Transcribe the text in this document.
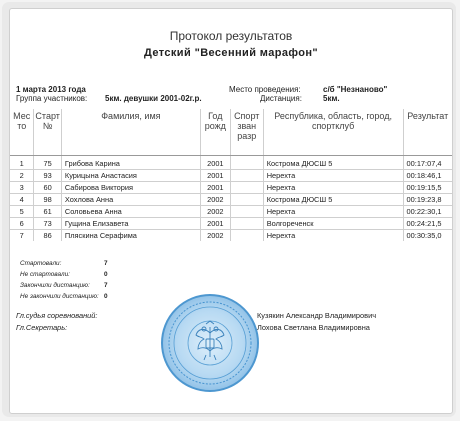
Протокол результатов
Детский "Весенний марафон"
1 марта 2013 года
Группа участников: 5км. девушки 2001-02г.р.
Место проведения:	с/б "Незнаново"
Дистанция:	5км.
Мес то	Старт №	Фамилия, имя	Год рожд	Спорт зван разр	Республика, область, город, спортклуб	Результат
1	75	Грибова Карина	2001		Кострома ДЮСШ 5	00:17:07,4
2	93	Курицына Анастасия	2001		Нерехта	00:18:46,1
3	60	Сабирова Виктория	2001		Нерехта	00:19:15,5
4	98	Хохлова Анна	2002		Кострома ДЮСШ 5	00:19:23,8
5	61	Соловьева Анна	2002		Нерехта	00:22:30,1
6	73	Гущина Елизавета	2001		Волгореченск	00:24:21,5
7	86	Пляскина Серафима	2002		Нерехта	00:30:35,0
Стартовали:	7
Не стартовали:	0
Закончили дистанцию: 7
Не закончили дистанцию: 0
Гл.судья соревнований:	Кузякин Александр Владимирович
Гл.Секретарь:	Лохова Светлана Владимировна
